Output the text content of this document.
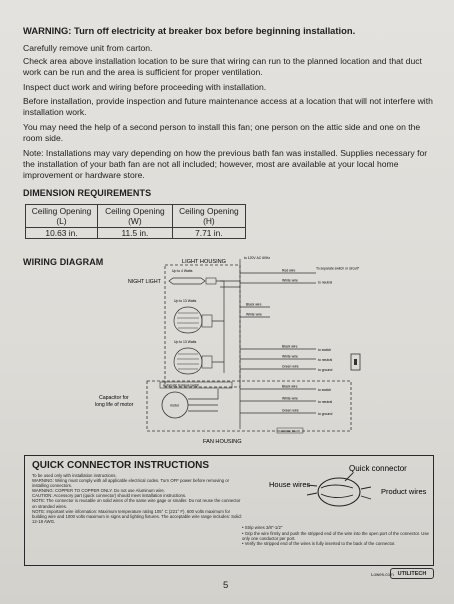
WARNING: Turn off electricity at breaker box before beginning installation.
Carefully remove unit from carton.
Check area above installation location to be sure that wiring can run to the planned location and that duct work can be run and the area is sufficient for proper ventilation.
Inspect duct work and wiring before proceeding with installation.
Before installation, provide inspection and future maintenance access at a location that will not interfere with installation work.
You may need the help of a second person to install this fan; one person on the attic side and one on the room side.
Note: Installations may vary depending on how the previous bath fan was installed. Supplies necessary for the installation of your bath fan are not all included; however, most are available at your local home improvement or hardware store.
DIMENSION REQUIREMENTS
Ceiling Opening (L)	Ceiling Opening (W)	Ceiling Opening (H)
10.63 in.	11.5 in.	7.71 in.
WIRING DIAGRAM	LIGHT HOUSING
to 120V AC 60Hz
NIGHT LIGHT
Up to 4 Watts
Up to 13 Watts
Up to 13 Watts
FAN HOUSING
Automatic terminal switch
Capacitor for long life of motor	motor
Junction box
Red wire	To separate switch or circuit*
White wire	to neutral
Black wire
White wire
Black wire
to switch
White wire
to neutral
Green wire
to ground
Black wire
to switch
White wire
to neutral
Green wire
to ground
QUICK CONNECTOR INSTRUCTIONS
To be used only with installation instructions.
WARNING: Wiring must comply with all applicable electrical codes. Turn OFF power before removing or installing connectors.
WARNING: COPPER TO COPPER ONLY. Do not use Aluminum wire.
CAUTION: Accessory part (quick connector) should meet installation instructions.
NOTE: The connector is reusable on solid wires of the same wire gage or smaller. Do not reuse the connector on stranded wires.
NOTE: Important wire information: Maximum temperature rating 105° C (221° F). 600 volts maximum for building wire and 1000 volts maximum in signs and lighting fixtures. The acceptable wire range includes: Solid: 12-18 AWG.
Quick connector
House wires
Product wires
• Strip wires 3/8"-1/2"
• Grip the wire firmly and push the stripped end of the wire into the open port of the connector. Use only one conductor per port.
• Verify the stripped end of the wires is fully inserted to the back of the connector.
5
Lowes.com UTILITECH
